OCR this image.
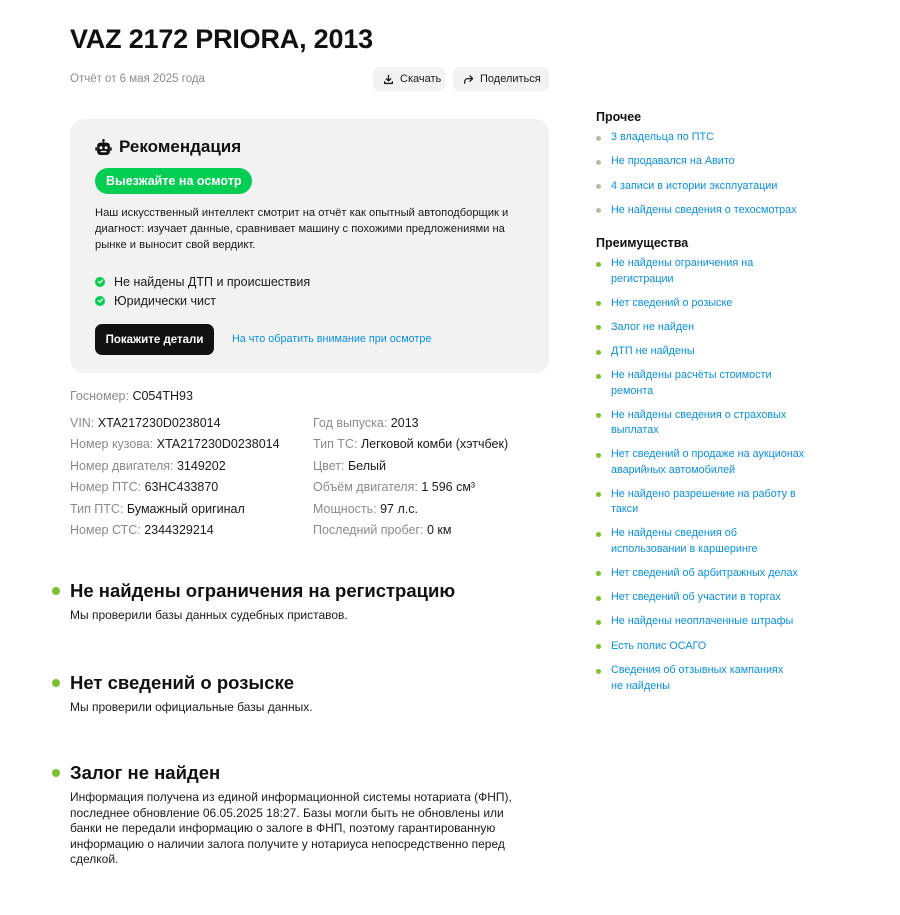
VAZ 2172 PRIORA, 2013
Отчёт от 6 мая 2025 года	Скачать	Поделиться
Рекомендация
Выезжайте на осмотр

Наш искусственный интеллект смотрит на отчёт как опытный автоподборщик и диагност: изучает данные, сравнивает машину с похожими предложениями на рынке и выносит свой вердикт.

Не найдены ДТП и происшествия
Юридически чист
Покажите детали	На что обратить внимание при осмотре
Госномер: С054ТН93
VIN: XTA217230D0238014
Номер кузова: XTA217230D0238014
Номер двигателя: 3149202
Номер ПТС: 63НС433870
Тип ПТС: Бумажный оригинал
Номер СТС: 2344329214
Год выпуска: 2013
Тип ТС: Легковой комби (хэтчбек)
Цвет: Белый
Объём двигателя: 1 596 см³
Мощность: 97 л.с.
Последний пробег: 0 км
Не найдены ограничения на регистрацию

Мы проверили базы данных судебных приставов.

Нет сведений о розыске

Мы проверили официальные базы данных.

Залог не найден

Информация получена из единой информационной системы нотариата (ФНП), последнее обновление 06.05.2025 18:27. Базы могли быть не обновлены или банки не передали информацию о залоге в ФНП, поэтому гарантированную информацию о наличии залога получите у нотариуса непосредственно перед сделкой.

Прочее
3 владельца по ПТС
Не продавался на Авито
4 записи в истории эксплуатации
Не найдены сведения о техосмотрах
Преимущества
Не найдены ограничения на регистрации
Нет сведений о розыске
Залог не найден
ДТП не найдены
Не найдены расчёты стоимости ремонта
Не найдены сведения о страховых выплатах
Нет сведений о продаже на аукционах аварийных автомобилей
Не найдено разрешение на работу в такси
Не найдены сведения об использовании в каршеринге
Нет сведений об арбитражных делах
Нет сведений об участии в торгах
Не найдены неоплаченные штрафы
Есть полис ОСАГО
Сведения об отзывных кампаниях не найдены
